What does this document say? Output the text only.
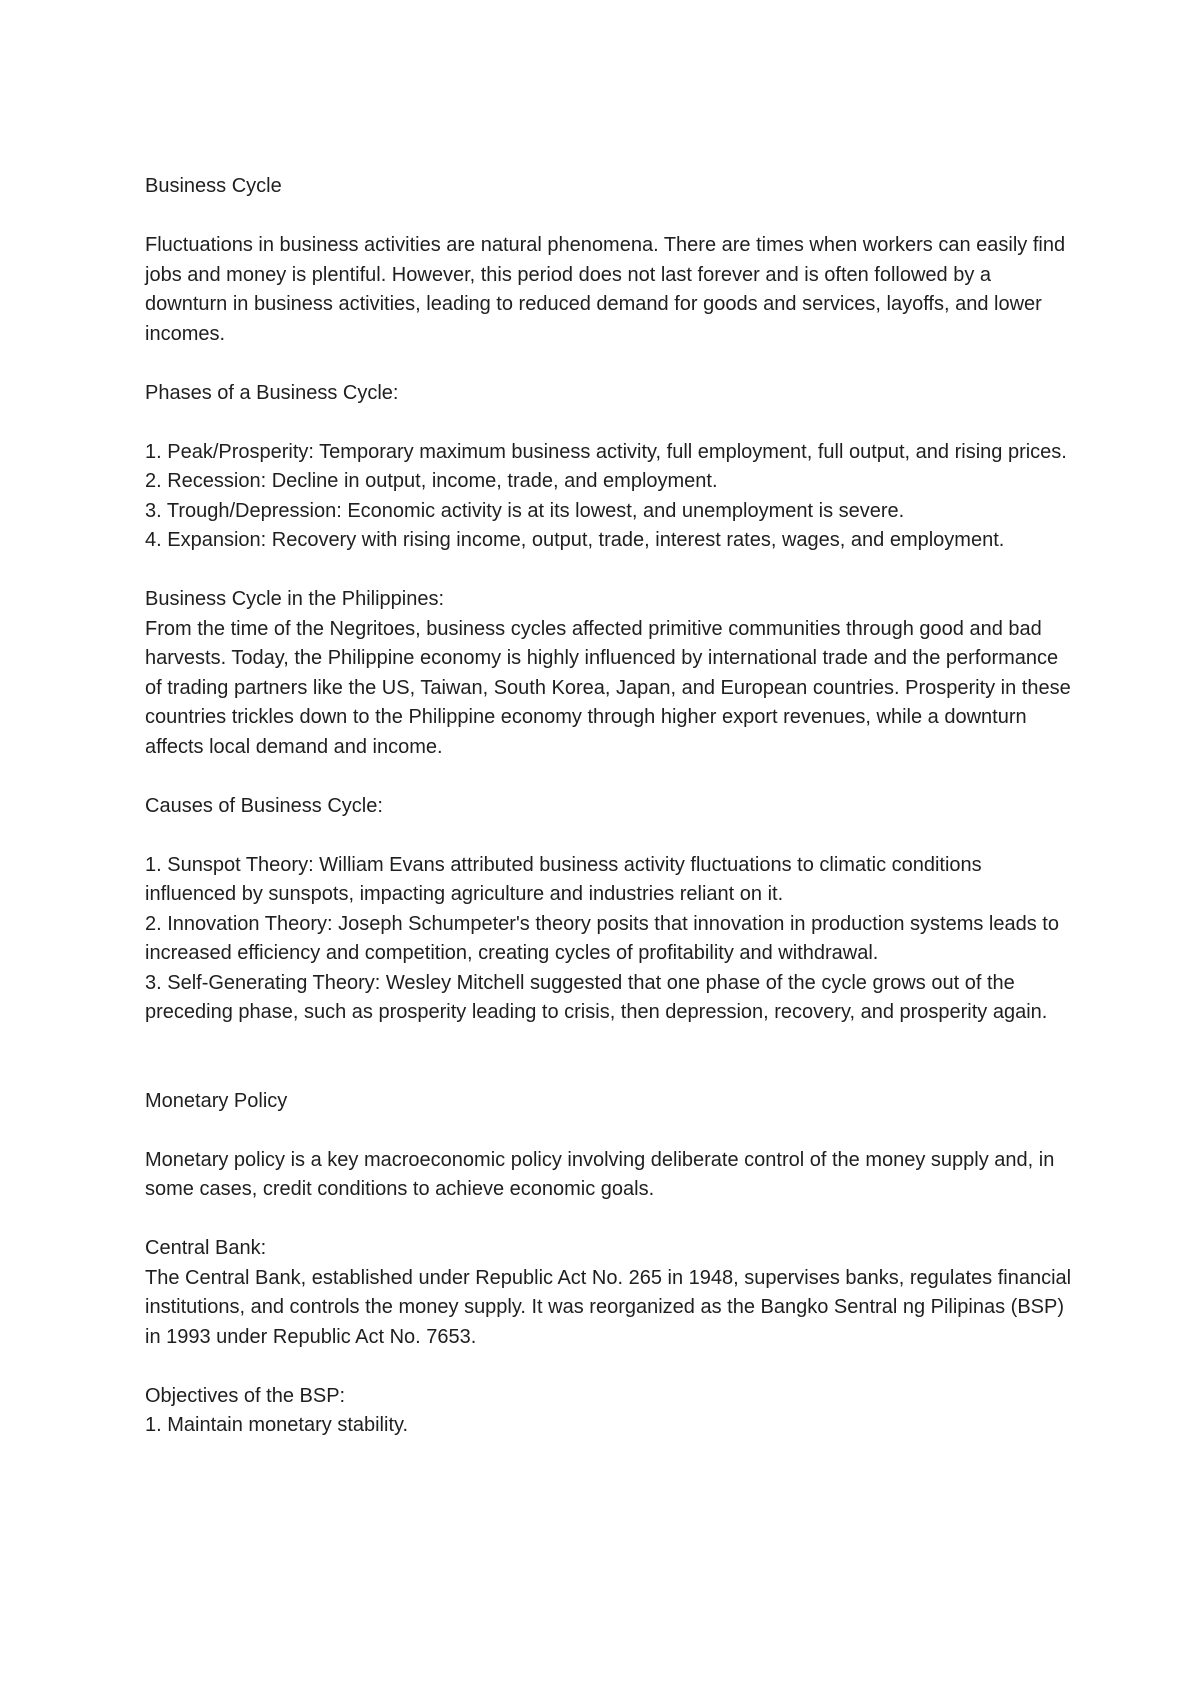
Business Cycle

Fluctuations in business activities are natural phenomena. There are times when workers can easily find jobs and money is plentiful. However, this period does not last forever and is often followed by a downturn in business activities, leading to reduced demand for goods and services, layoffs, and lower incomes.

Phases of a Business Cycle:

1. Peak/Prosperity: Temporary maximum business activity, full employment, full output, and rising prices.

2. Recession: Decline in output, income, trade, and employment.

3. Trough/Depression: Economic activity is at its lowest, and unemployment is severe.

4. Expansion: Recovery with rising income, output, trade, interest rates, wages, and employment.

Business Cycle in the Philippines:

From the time of the Negritoes, business cycles affected primitive communities through good and bad harvests. Today, the Philippine economy is highly influenced by international trade and the performance of trading partners like the US, Taiwan, South Korea, Japan, and European countries. Prosperity in these countries trickles down to the Philippine economy through higher export revenues, while a downturn affects local demand and income.

Causes of Business Cycle:

1. Sunspot Theory: William Evans attributed business activity fluctuations to climatic conditions influenced by sunspots, impacting agriculture and industries reliant on it.

2. Innovation Theory: Joseph Schumpeter's theory posits that innovation in production systems leads to increased efficiency and competition, creating cycles of profitability and withdrawal.

3. Self-Generating Theory: Wesley Mitchell suggested that one phase of the cycle grows out of the preceding phase, such as prosperity leading to crisis, then depression, recovery, and prosperity again.

Monetary Policy

Monetary policy is a key macroeconomic policy involving deliberate control of the money supply and, in some cases, credit conditions to achieve economic goals.

Central Bank:

The Central Bank, established under Republic Act No. 265 in 1948, supervises banks, regulates financial institutions, and controls the money supply. It was reorganized as the Bangko Sentral ng Pilipinas (BSP) in 1993 under Republic Act No. 7653.

Objectives of the BSP:

1. Maintain monetary stability.
